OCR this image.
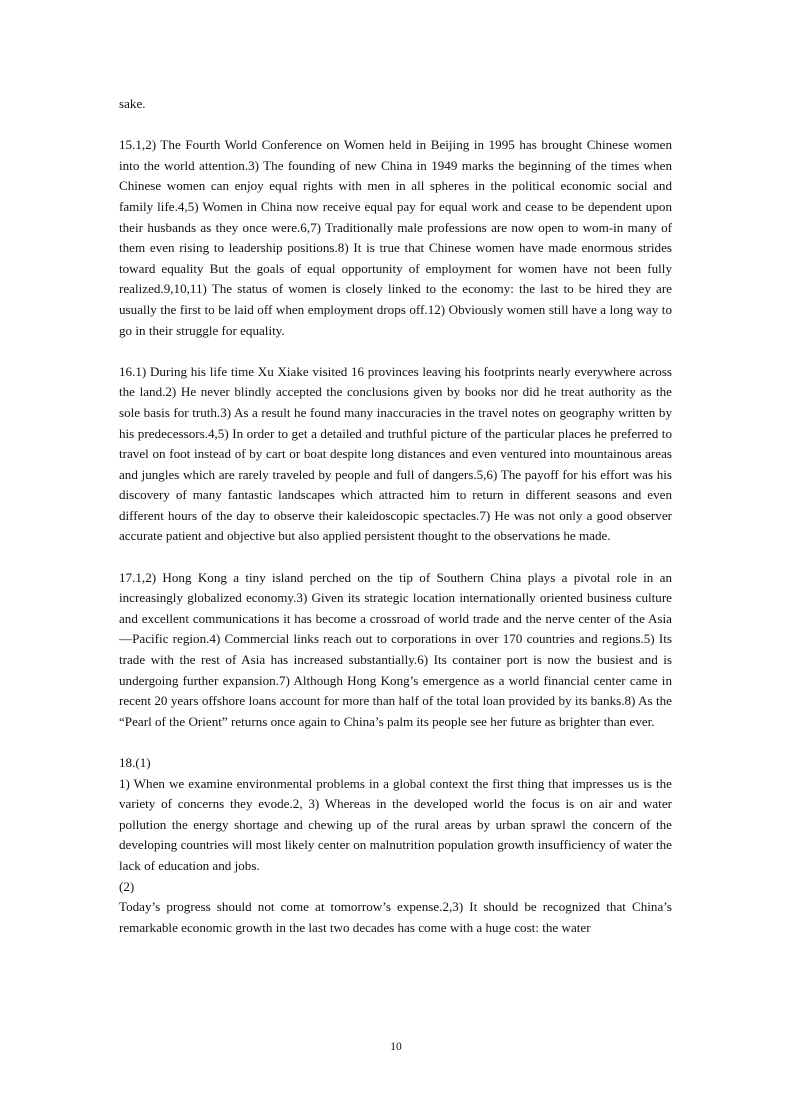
sake.

15.1,2) The Fourth World Conference on Women held in Beijing in 1995 has brought Chinese women into the world attention.3) The founding of new China in 1949 marks the beginning of the times when Chinese women can enjoy equal rights with men in all spheres in the political economic social and family life.4,5) Women in China now receive equal pay for equal work and cease to be dependent upon their husbands as they once were.6,7) Traditionally male professions are now open to wom-in many of them even rising to leadership positions.8) It is true that Chinese women have made enormous strides toward equality But the goals of equal opportunity of employment for women have not been fully realized.9,10,11) The status of women is closely linked to the economy: the last to be hired they are usually the first to be laid off when employment drops off.12) Obviously women still have a long way to go in their struggle for equality.

16.1) During his life time Xu Xiake visited 16 provinces leaving his footprints nearly everywhere across the land.2) He never blindly accepted the conclusions given by books nor did he treat authority as the sole basis for truth.3) As a result he found many inaccuracies in the travel notes on geography written by his predecessors.4,5) In order to get a detailed and truthful picture of the particular places he preferred to travel on foot instead of by cart or boat despite long distances and even ventured into mountainous areas and jungles which are rarely traveled by people and full of dangers.5,6) The payoff for his effort was his discovery of many fantastic landscapes which attracted him to return in different seasons and even different hours of the day to observe their kaleidoscopic spectacles.7) He was not only a good observer accurate patient and objective but also applied persistent thought to the observations he made.

17.1,2) Hong Kong a tiny island perched on the tip of Southern China plays a pivotal role in an increasingly globalized economy.3) Given its strategic location internationally oriented business culture and excellent communications it has become a crossroad of world trade and the nerve center of the Asia—Pacific region.4) Commercial links reach out to corporations in over 170 countries and regions.5) Its trade with the rest of Asia has increased substantially.6) Its container port is now the busiest and is undergoing further expansion.7) Although Hong Kong’s emergence as a world financial center came in recent 20 years offshore loans account for more than half of the total loan provided by its banks.8) As the “Pearl of the Orient” returns once again to China’s palm its people see her future as brighter than ever.

18.(1)

1) When we examine environmental problems in a global context the first thing that impresses us is the variety of concerns they evode.2, 3) Whereas in the developed world the focus is on air and water pollution the energy shortage and chewing up of the rural areas by urban sprawl the concern of the developing countries will most likely center on malnutrition population growth insufficiency of water the lack of education and jobs.

(2)

Today’s progress should not come at tomorrow’s expense.2,3) It should be recognized that China’s remarkable economic growth in the last two decades has come with a huge cost: the water

10
